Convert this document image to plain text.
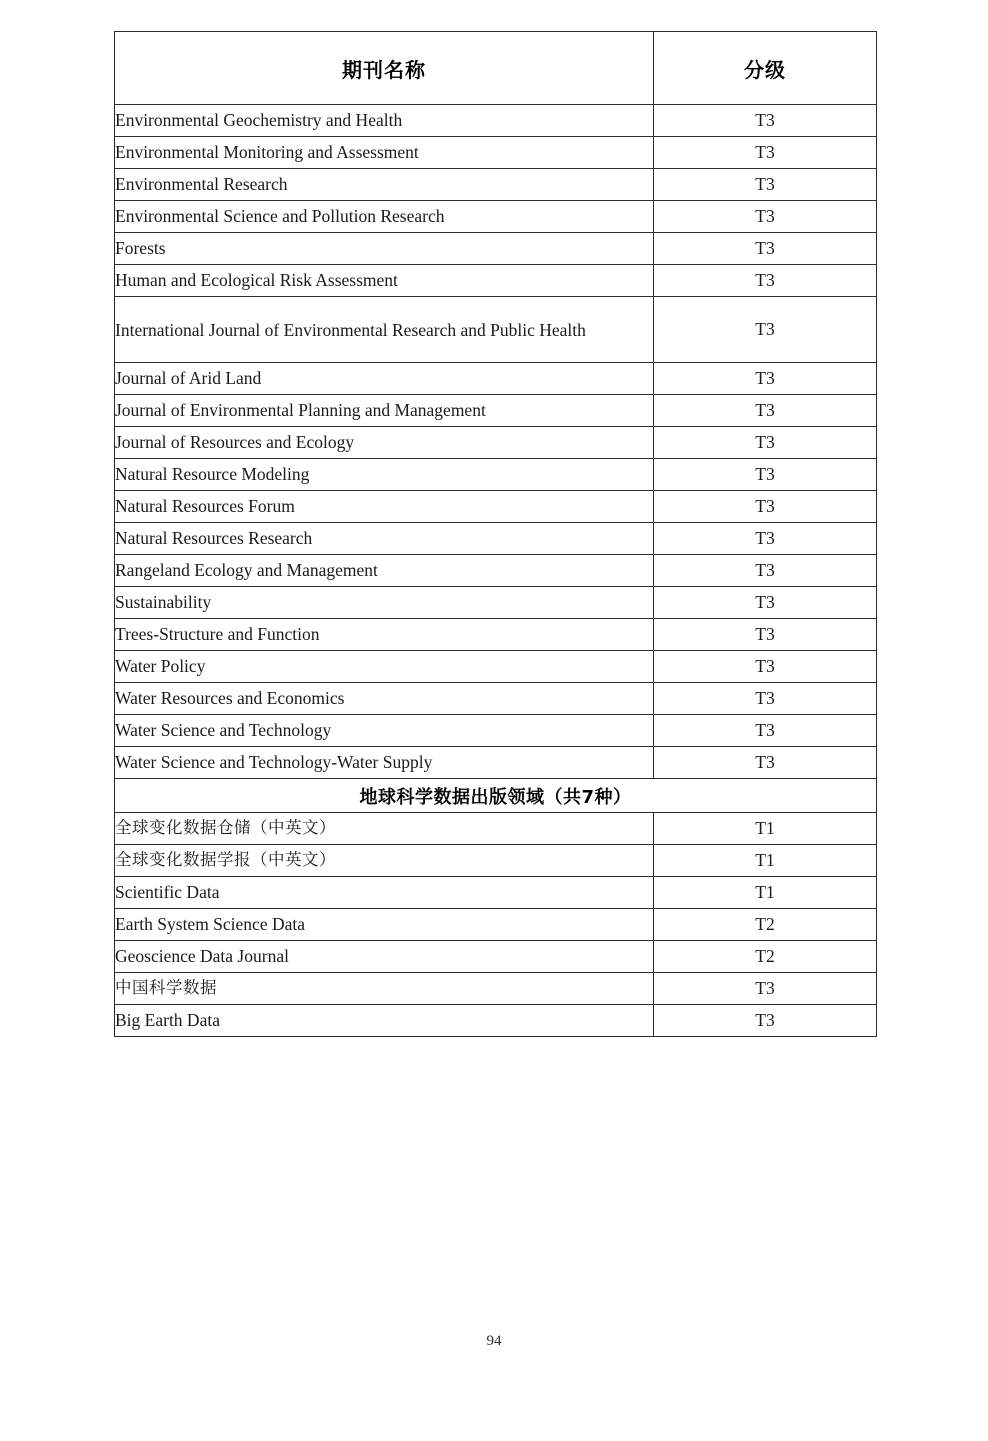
期刊名称	分级
Environmental Geochemistry and Health	T3
Environmental Monitoring and Assessment	T3
Environmental Research	T3
Environmental Science and Pollution Research	T3
Forests	T3
Human and Ecological Risk Assessment	T3
International Journal of Environmental Research and Public Health	T3
Journal of Arid Land	T3
Journal of Environmental Planning and Management	T3
Journal of Resources and Ecology	T3
Natural Resource Modeling	T3
Natural Resources Forum	T3
Natural Resources Research	T3
Rangeland Ecology and Management	T3
Sustainability	T3
Trees-Structure and Function	T3
Water Policy	T3
Water Resources and Economics	T3
Water Science and Technology	T3
Water Science and Technology-Water Supply	T3
地球科学数据出版领域（共7种）	
全球变化数据仓储（中英文）	T1
全球变化数据学报（中英文）	T1
Scientific Data	T1
Earth System Science Data	T2
Geoscience Data Journal	T2
中国科学数据	T3
Big Earth Data	T3
94
